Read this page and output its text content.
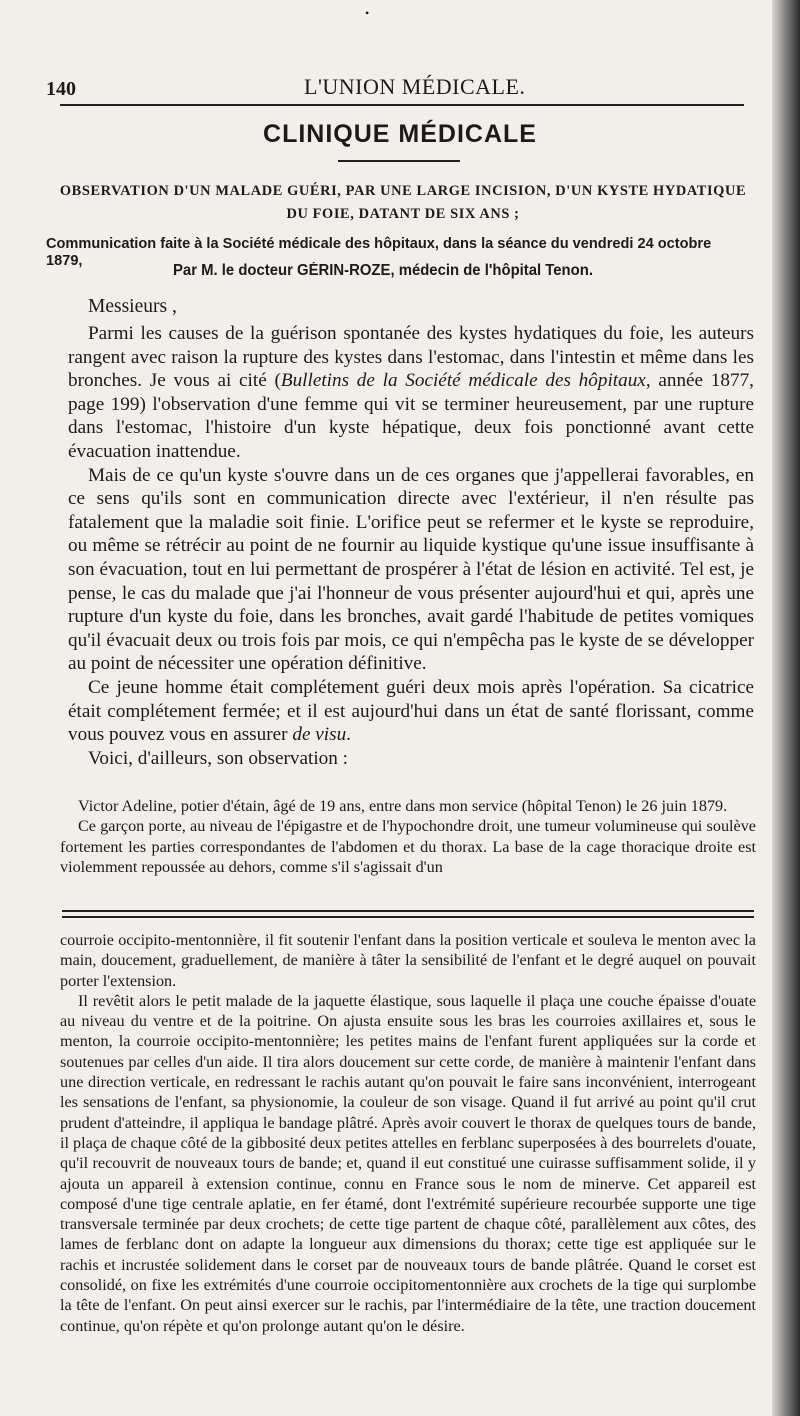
•
140	L'UNION MÉDICALE.
CLINIQUE MÉDICALE
OBSERVATION D'UN MALADE GUÉRI, PAR UNE LARGE INCISION, D'UN KYSTE HYDATIQUE
DU FOIE, DATANT DE SIX ANS ;
Communication faite à la Société médicale des hôpitaux, dans la séance du vendredi 24 octobre 1879,
Par M. le docteur GÉRIN-ROZE, médecin de l'hôpital Tenon.
Messieurs ,

Parmi les causes de la guérison spontanée des kystes hydatiques du foie, les auteurs rangent avec raison la rupture des kystes dans l'estomac, dans l'intestin et même dans les bronches. Je vous ai cité (Bulletins de la Société médicale des hôpitaux, année 1877, page 199) l'observation d'une femme qui vit se terminer heureusement, par une rupture dans l'estomac, l'histoire d'un kyste hépatique, deux fois ponctionné avant cette évacuation inattendue.

Mais de ce qu'un kyste s'ouvre dans un de ces organes que j'appellerai favorables, en ce sens qu'ils sont en communication directe avec l'extérieur, il n'en résulte pas fatalement que la maladie soit finie. L'orifice peut se refermer et le kyste se reproduire, ou même se rétrécir au point de ne fournir au liquide kystique qu'une issue insuffisante à son évacuation, tout en lui permettant de prospérer à l'état de lésion en activité. Tel est, je pense, le cas du malade que j'ai l'honneur de vous présenter aujourd'hui et qui, après une rupture d'un kyste du foie, dans les bronches, avait gardé l'habitude de petites vomiques qu'il évacuait deux ou trois fois par mois, ce qui n'empêcha pas le kyste de se développer au point de nécessiter une opération définitive.

Ce jeune homme était complétement guéri deux mois après l'opération. Sa cicatrice était complétement fermée; et il est aujourd'hui dans un état de santé florissant, comme vous pouvez vous en assurer de visu.

Voici, d'ailleurs, son observation :

Victor Adeline, potier d'étain, âgé de 19 ans, entre dans mon service (hôpital Tenon) le 26 juin 1879.

Ce garçon porte, au niveau de l'épigastre et de l'hypochondre droit, une tumeur volumineuse qui soulève fortement les parties correspondantes de l'abdomen et du thorax. La base de la cage thoracique droite est violemment repoussée au dehors, comme s'il s'agissait d'un

courroie occipito-mentonnière, il fit soutenir l'enfant dans la position verticale et souleva le menton avec la main, doucement, graduellement, de manière à tâter la sensibilité de l'enfant et le degré auquel on pouvait porter l'extension.

Il revêtit alors le petit malade de la jaquette élastique, sous laquelle il plaça une couche épaisse d'ouate au niveau du ventre et de la poitrine. On ajusta ensuite sous les bras les courroies axillaires et, sous le menton, la courroie occipito-mentonnière; les petites mains de l'enfant furent appliquées sur la corde et soutenues par celles d'un aide. Il tira alors doucement sur cette corde, de manière à maintenir l'enfant dans une direction verticale, en redressant le rachis autant qu'on pouvait le faire sans inconvénient, interrogeant les sensations de l'enfant, sa physionomie, la couleur de son visage. Quand il fut arrivé au point qu'il crut prudent d'atteindre, il appliqua le bandage plâtré. Après avoir couvert le thorax de quelques tours de bande, il plaça de chaque côté de la gibbosité deux petites attelles en ferblanc superposées à des bourrelets d'ouate, qu'il recouvrit de nouveaux tours de bande; et, quand il eut constitué une cuirasse suffisamment solide, il y ajouta un appareil à extension continue, connu en France sous le nom de minerve. Cet appareil est composé d'une tige centrale aplatie, en fer étamé, dont l'extrémité supérieure recourbée supporte une tige transversale terminée par deux crochets; de cette tige partent de chaque côté, parallèlement aux côtes, des lames de ferblanc dont on adapte la longueur aux dimensions du thorax; cette tige est appliquée sur le rachis et incrustée solidement dans le corset par de nouveaux tours de bande plâtrée. Quand le corset est consolidé, on fixe les extrémités d'une courroie occipitomentonnière aux crochets de la tige qui surplombe la tête de l'enfant. On peut ainsi exercer sur le rachis, par l'intermédiaire de la tête, une traction doucement continue, qu'on répète et qu'on prolonge autant qu'on le désire.
